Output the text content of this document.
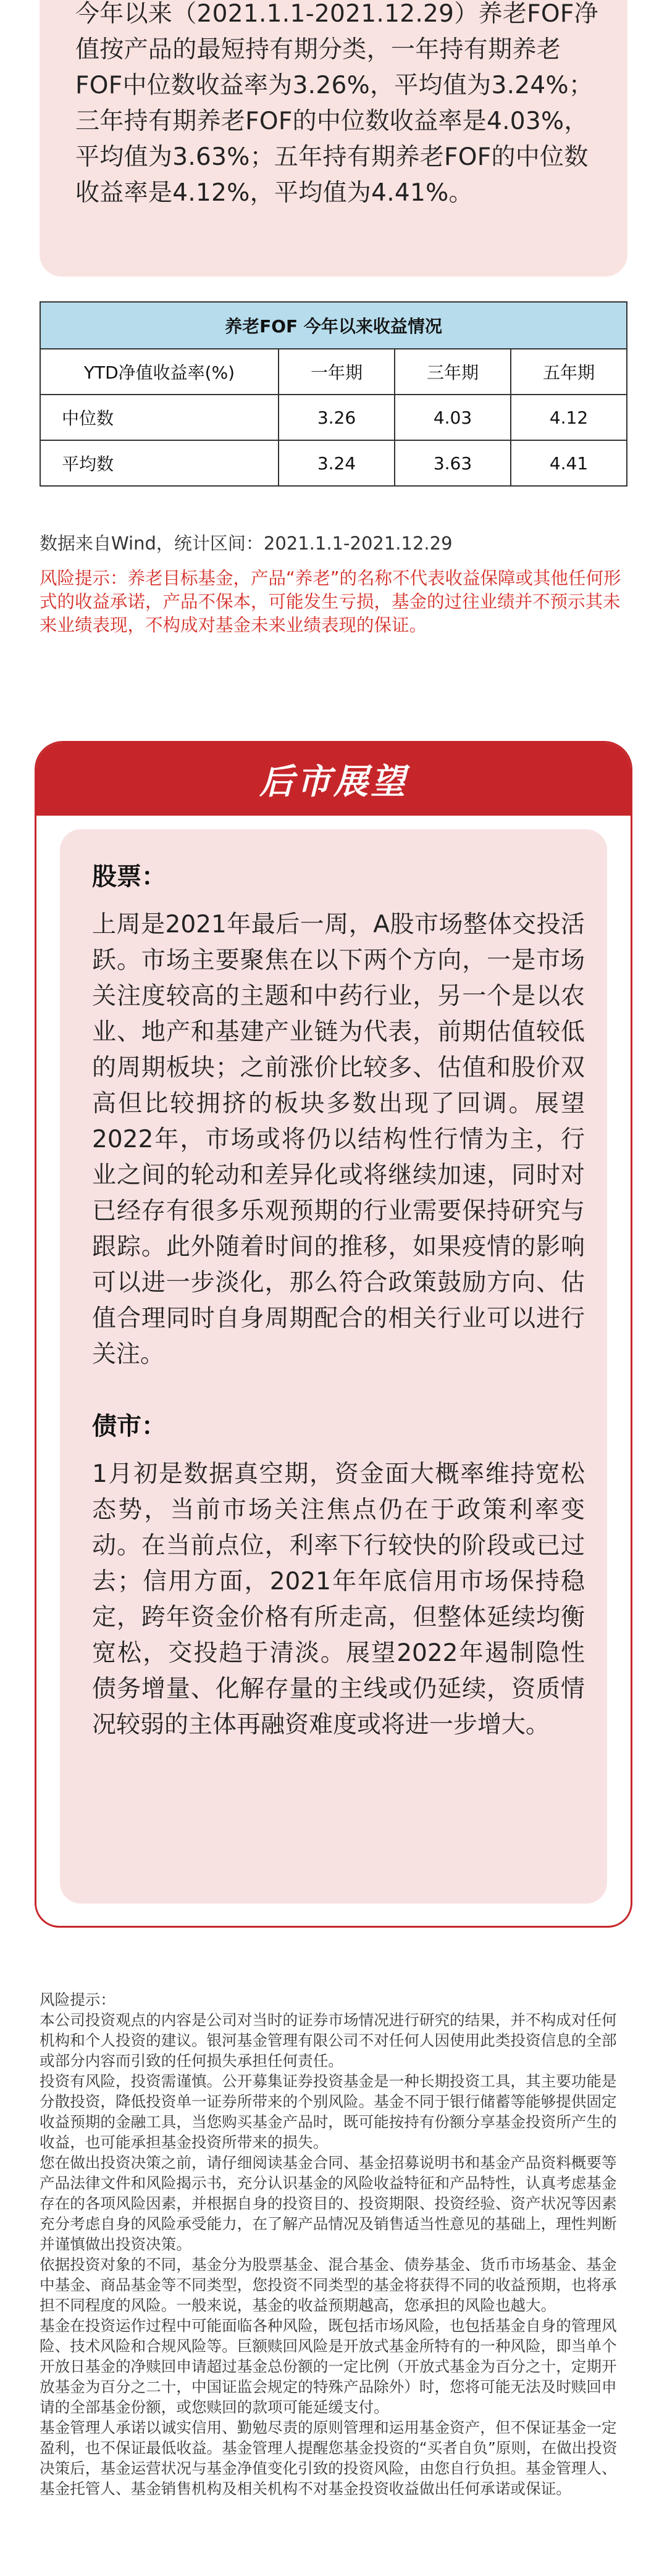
今年以来（2021.1.1-2021.12.29）养老FOF净值按产品的最短持有期分类，一年持有期养老FOF中位数收益率为3.26%，平均值为3.24%；三年持有期养老FOF的中位数收益率是4.03%，平均值为3.63%；五年持有期养老FOF的中位数收益率是4.12%，平均值为4.41%。

养老FOF 今年以来收益情况			
YTD净值收益率(%)	一年期	三年期	五年期
中位数	3.26	4.03	4.12
平均数	3.24	3.63	4.41
数据来自Wind，统计区间：2021.1.1-2021.12.29
风险提示：养老目标基金，产品“养老”的名称不代表收益保障或其他任何形式的收益承诺，产品不保本，可能发生亏损，基金的过往业绩并不预示其未来业绩表现，不构成对基金未来业绩表现的保证。
后市展望
股票：

上周是2021年最后一周，A股市场整体交投活跃。市场主要聚焦在以下两个方向，一是市场关注度较高的主题和中药行业，另一个是以农业、地产和基建产业链为代表，前期估值较低的周期板块；之前涨价比较多、估值和股价双高但比较拥挤的板块多数出现了回调。展望2022年，市场或将仍以结构性行情为主，行业之间的轮动和差异化或将继续加速，同时对已经存有很多乐观预期的行业需要保持研究与跟踪。此外随着时间的推移，如果疫情的影响可以进一步淡化，那么符合政策鼓励方向、估值合理同时自身周期配合的相关行业可以进行关注。

债市：

1月初是数据真空期，资金面大概率维持宽松态势，当前市场关注焦点仍在于政策利率变动。在当前点位，利率下行较快的阶段或已过去；信用方面，2021年年底信用市场保持稳定，跨年资金价格有所走高，但整体延续均衡宽松，交投趋于清淡。展望2022年遏制隐性债务增量、化解存量的主线或仍延续，资质情况较弱的主体再融资难度或将进一步增大。

风险提示：
本公司投资观点的内容是公司对当时的证券市场情况进行研究的结果，并不构成对任何机构和个人投资的建议。银河基金管理有限公司不对任何人因使用此类投资信息的全部或部分内容而引致的任何损失承担任何责任。
投资有风险，投资需谨慎。公开募集证券投资基金是一种长期投资工具，其主要功能是分散投资，降低投资单一证券所带来的个别风险。基金不同于银行储蓄等能够提供固定收益预期的金融工具，当您购买基金产品时，既可能按持有份额分享基金投资所产生的收益，也可能承担基金投资所带来的损失。
您在做出投资决策之前，请仔细阅读基金合同、基金招募说明书和基金产品资料概要等产品法律文件和风险揭示书，充分认识基金的风险收益特征和产品特性，认真考虑基金存在的各项风险因素，并根据自身的投资目的、投资期限、投资经验、资产状况等因素充分考虑自身的风险承受能力，在了解产品情况及销售适当性意见的基础上，理性判断并谨慎做出投资决策。
依据投资对象的不同，基金分为股票基金、混合基金、债券基金、货币市场基金、基金中基金、商品基金等不同类型，您投资不同类型的基金将获得不同的收益预期，也将承担不同程度的风险。一般来说，基金的收益预期越高，您承担的风险也越大。
基金在投资运作过程中可能面临各种风险，既包括市场风险，也包括基金自身的管理风险、技术风险和合规风险等。巨额赎回风险是开放式基金所特有的一种风险，即当单个开放日基金的净赎回申请超过基金总份额的一定比例（开放式基金为百分之十，定期开放基金为百分之二十，中国证监会规定的特殊产品除外）时，您将可能无法及时赎回申请的全部基金份额，或您赎回的款项可能延缓支付。
基金管理人承诺以诚实信用、勤勉尽责的原则管理和运用基金资产，但不保证基金一定盈利，也不保证最低收益。基金管理人提醒您基金投资的“买者自负”原则，在做出投资决策后，基金运营状况与基金净值变化引致的投资风险，由您自行负担。基金管理人、基金托管人、基金销售机构及相关机构不对基金投资收益做出任何承诺或保证。
